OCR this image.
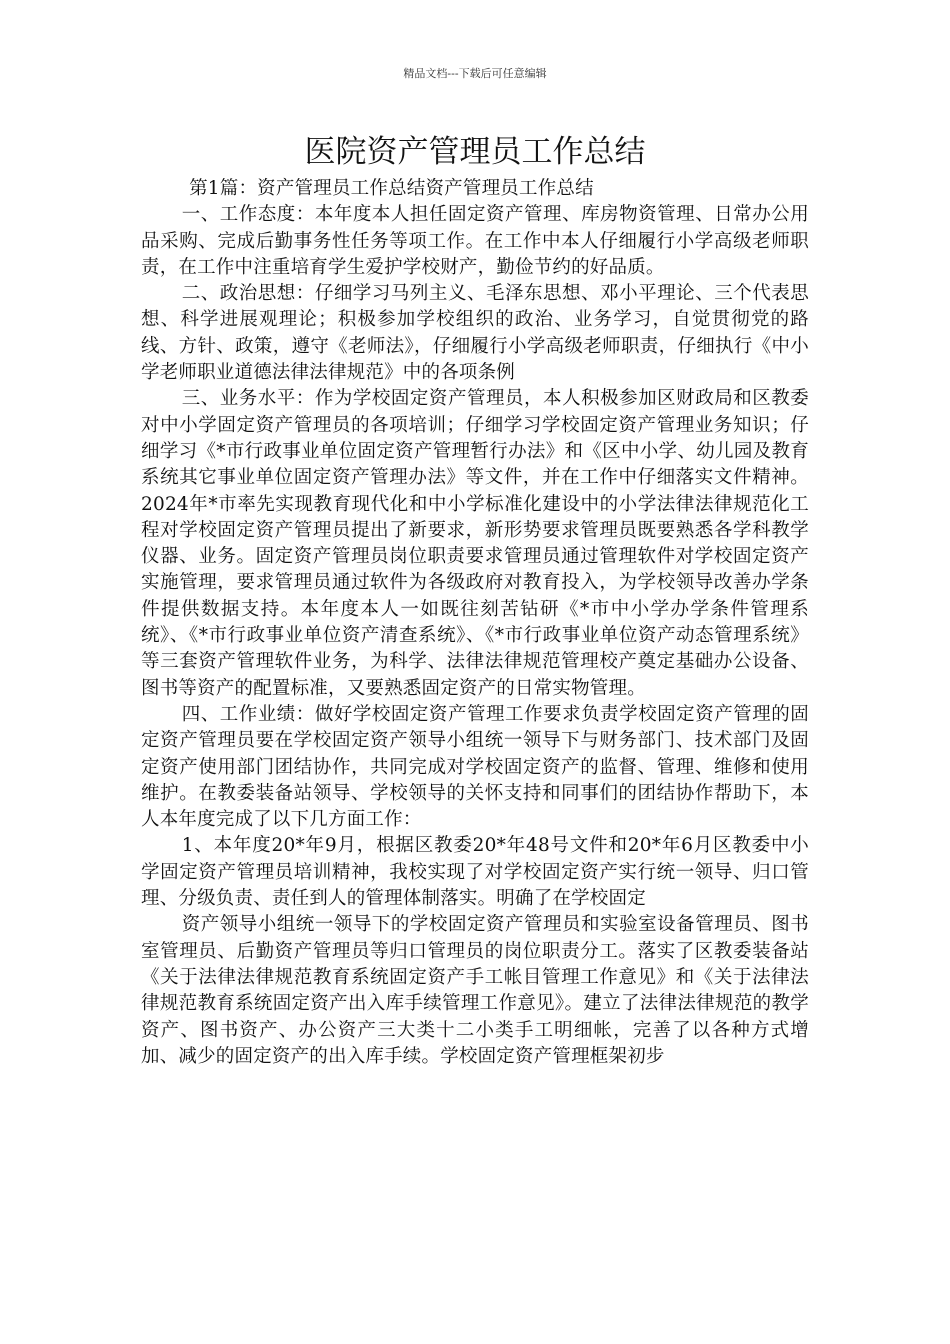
精品文档---下载后可任意编辑
医院资产管理员工作总结

第1篇：资产管理员工作总结资产管理员工作总结

一、工作态度：本年度本人担任固定资产管理、库房物资管理、日常办公用品采购、完成后勤事务性任务等项工作。在工作中本人仔细履行小学高级老师职责，在工作中注重培育学生爱护学校财产，勤俭节约的好品质。

二、政治思想：仔细学习马列主义、毛泽东思想、邓小平理论、三个代表思想、科学进展观理论；积极参加学校组织的政治、业务学习，自觉贯彻党的路线、方针、政策，遵守《老师法》，仔细履行小学高级老师职责，仔细执行《中小学老师职业道德法律法律规范》中的各项条例

三、业务水平：作为学校固定资产管理员，本人积极参加区财政局和区教委对中小学固定资产管理员的各项培训；仔细学习学校固定资产管理业务知识；仔细学习《*市行政事业单位固定资产管理暂行办法》和《区中小学、幼儿园及教育系统其它事业单位固定资产管理办法》等文件，并在工作中仔细落实文件精神。2024年*市率先实现教育现代化和中小学标准化建设中的小学法律法律规范化工程对学校固定资产管理员提出了新要求，新形势要求管理员既要熟悉各学科教学仪器、业务。固定资产管理员岗位职责要求管理员通过管理软件对学校固定资产实施管理，要求管理员通过软件为各级政府对教育投入，为学校领导改善办学条件提供数据支持。本年度本人一如既往刻苦钻研《*市中小学办学条件管理系统》、《*市行政事业单位资产清查系统》、《*市行政事业单位资产动态管理系统》等三套资产管理软件业务，为科学、法律法律规范管理校产奠定基础办公设备、图书等资产的配置标准，又要熟悉固定资产的日常实物管理。

四、工作业绩：做好学校固定资产管理工作要求负责学校固定资产管理的固定资产管理员要在学校固定资产领导小组统一领导下与财务部门、技术部门及固定资产使用部门团结协作，共同完成对学校固定资产的监督、管理、维修和使用维护。在教委装备站领导、学校领导的关怀支持和同事们的团结协作帮助下，本人本年度完成了以下几方面工作：

1、本年度20*年9月，根据区教委20*年48号文件和20*年6月区教委中小学固定资产管理员培训精神，我校实现了对学校固定资产实行统一领导、归口管理、分级负责、责任到人的管理体制落实。明确了在学校固定

资产领导小组统一领导下的学校固定资产管理员和实验室设备管理员、图书室管理员、后勤资产管理员等归口管理员的岗位职责分工。落实了区教委装备站《关于法律法律规范教育系统固定资产手工帐目管理工作意见》和《关于法律法律规范教育系统固定资产出入库手续管理工作意见》。建立了法律法律规范的教学资产、图书资产、办公资产三大类十二小类手工明细帐，完善了以各种方式增加、减少的固定资产的出入库手续。学校固定资产管理框架初步
